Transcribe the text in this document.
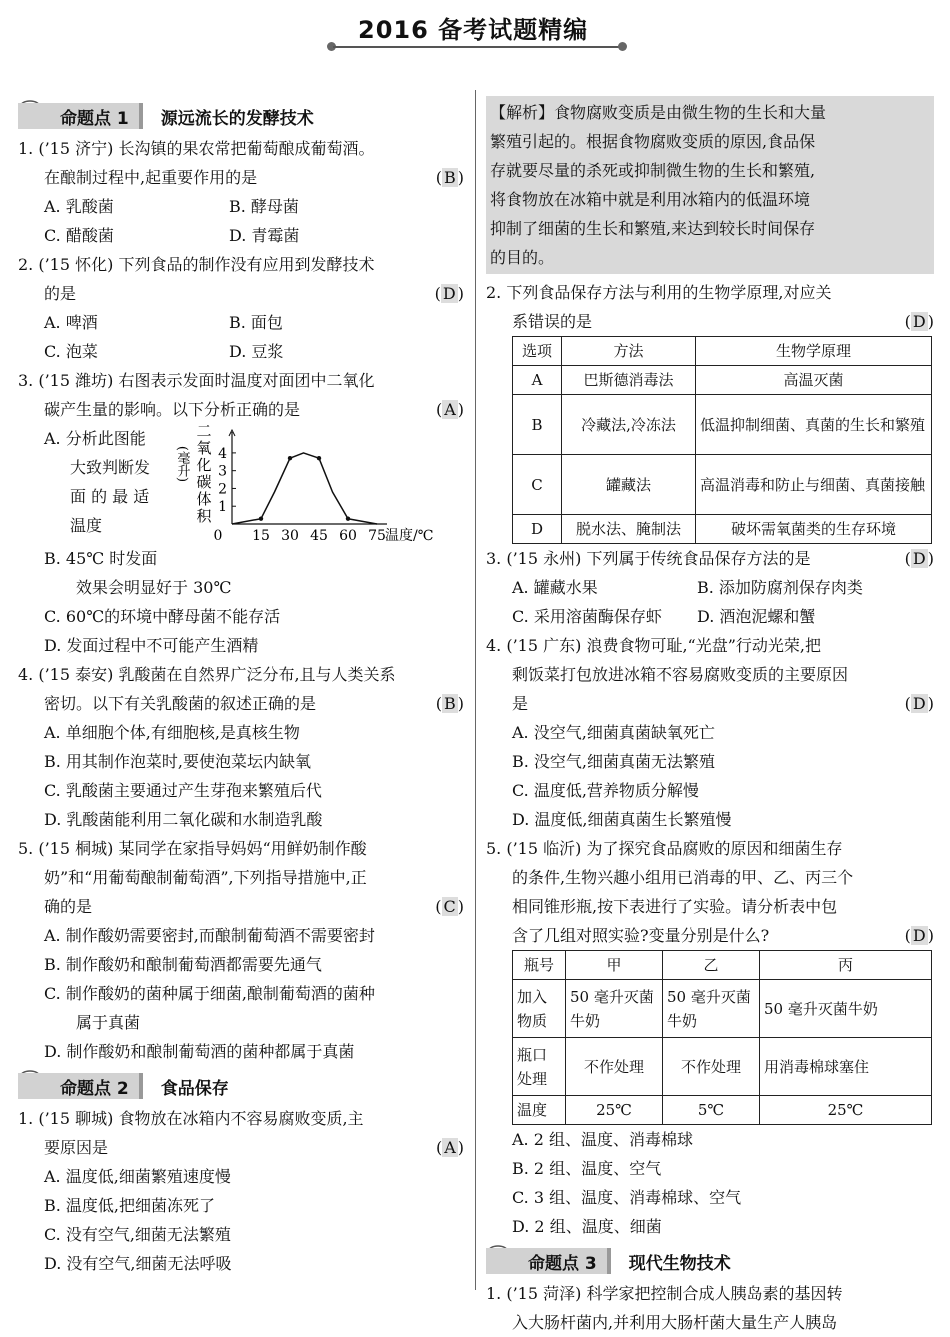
2016 备考试题精编
命题点 1	源远流长的发酵技术
1. (’15 济宁) 长沟镇的果农常把葡萄酿成葡萄酒。
在酿制过程中,起重要作用的是	( B )
A. 乳酸菌	B. 酵母菌
C. 醋酸菌	D. 青霉菌
2. (’15 怀化) 下列食品的制作没有应用到发酵技术
的是	( D )
A. 啤酒	B. 面包
C. 泡菜	D. 豆浆
3. (’15 潍坊) 右图表示发面时温度对面团中二氧化
碳产生量的影响。以下分析正确的是	( A )
A. 分析此图能
大致判断发
面 的 最 适
温度
二
氧
化
碳
体
积
(毫升)
1
2
3
4
0 15 30 45 60 75 温度/℃
B. 45℃ 时发面
效果会明显好于 30℃
C. 60℃的环境中酵母菌不能存活
D. 发面过程中不可能产生酒精
4. (’15 泰安) 乳酸菌在自然界广泛分布,且与人类关系
密切。以下有关乳酸菌的叙述正确的是	( B )
A. 单细胞个体,有细胞核,是真核生物
B. 用其制作泡菜时,要使泡菜坛内缺氧
C. 乳酸菌主要通过产生芽孢来繁殖后代
D. 乳酸菌能利用二氧化碳和水制造乳酸
5. (’15 桐城) 某同学在家指导妈妈“用鲜奶制作酸
奶”和“用葡萄酿制葡萄酒”,下列指导措施中,正
确的是	( C )
A. 制作酸奶需要密封,而酿制葡萄酒不需要密封
B. 制作酸奶和酿制葡萄酒都需要先通气
C. 制作酸奶的菌种属于细菌,酿制葡萄酒的菌种
属于真菌
D. 制作酸奶和酿制葡萄酒的菌种都属于真菌
命题点 2	食品保存
1. (’15 聊城) 食物放在冰箱内不容易腐败变质,主
要原因是	( A )
A. 温度低,细菌繁殖速度慢
B. 温度低,把细菌冻死了
C. 没有空气,细菌无法繁殖
D. 没有空气,细菌无法呼吸
【解析】食物腐败变质是由微生物的生长和大量
繁殖引起的。根据食物腐败变质的原因,食品保
存就要尽量的杀死或抑制微生物的生长和繁殖,
将食物放在冰箱中就是利用冰箱内的低温环境
抑制了细菌的生长和繁殖,来达到较长时间保存
的目的。
2. 下列食品保存方法与利用的生物学原理,对应关
系错误的是	( D )
选项	方法	生物学原理
A	巴斯德消毒法	高温灭菌
B	冷藏法,冷冻法	低温抑制细菌、真菌的生长和繁殖
C	罐藏法	高温消毒和防止与细菌、真菌接触
D	脱水法、腌制法	破坏需氧菌类的生存环境
3. (’15 永州) 下列属于传统食品保存方法的是	( D )
A. 罐藏水果	B. 添加防腐剂保存肉类
C. 采用溶菌酶保存虾	D. 酒泡泥螺和蟹
4. (’15 广东) 浪费食物可耻,“光盘”行动光荣,把
剩饭菜打包放进冰箱不容易腐败变质的主要原因
是	( D )
A. 没空气,细菌真菌缺氧死亡
B. 没空气,细菌真菌无法繁殖
C. 温度低,营养物质分解慢
D. 温度低,细菌真菌生长繁殖慢
5. (’15 临沂) 为了探究食品腐败的原因和细菌生存
的条件,生物兴趣小组用已消毒的甲、乙、丙三个
相同锥形瓶,按下表进行了实验。请分析表中包
含了几组对照实验?变量分别是什么?	( D )
瓶号	甲	乙	丙
加入物质	50 毫升灭菌牛奶	50 毫升灭菌牛奶	50 毫升灭菌牛奶
瓶口处理	不作处理	不作处理	用消毒棉球塞住
温度	25℃	5℃	25℃
A. 2 组、温度、消毒棉球
B. 2 组、温度、空气
C. 3 组、温度、消毒棉球、空气
D. 2 组、温度、细菌
命题点 3	现代生物技术
1. (’15 菏泽) 科学家把控制合成人胰岛素的基因转
入大肠杆菌内,并利用大肠杆菌大量生产人胰岛
